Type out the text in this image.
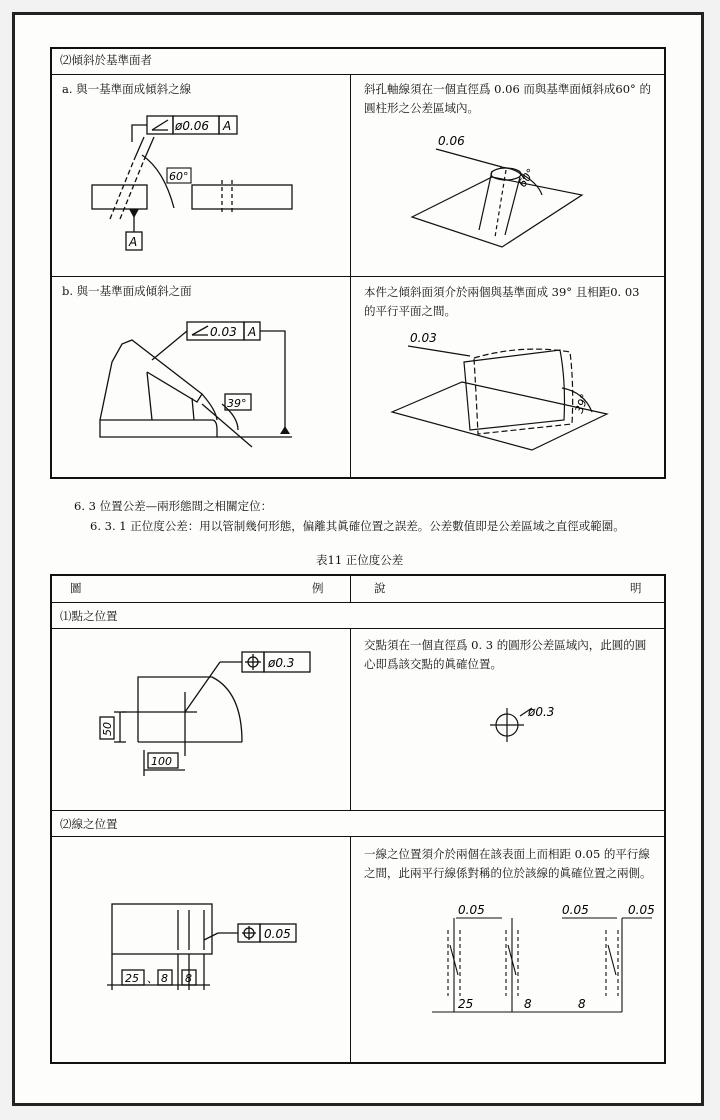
⑵傾斜於基準面者
a. 與一基準面成傾斜之線	斜孔軸線須在一個直徑爲 0.06 而與基準面傾斜成60° 的圓柱形之公差區域內。
b. 與一基準面成傾斜之面	本件之傾斜面須介於兩個與基準面成 39° 且相距0. 03 的平行平面之間。
ø0.06 A
A
60°
0.06
60°
0.03 A
39°
0.03
39°
6. 3 位置公差—兩形態間之相關定位：
6. 3. 1 正位度公差：用以管制幾何形態，偏離其眞確位置之誤差。公差數值即是公差區域之直徑或範圍。
表11 正位度公差
圖	例	說	明
⑴點之位置
交點須在一個直徑爲 0. 3 的圓形公差區域內，此圓的圓心即爲該交點的眞確位置。
⑵線之位置
一線之位置須介於兩個在該表面上而相距 0.05 的平行線之間，此兩平行線係對稱的位於該線的眞確位置之兩側。
ø0.3
50
100
ø0.3
0.05
25 、 8 8
0.05	0.05	0.05
25	8	8
